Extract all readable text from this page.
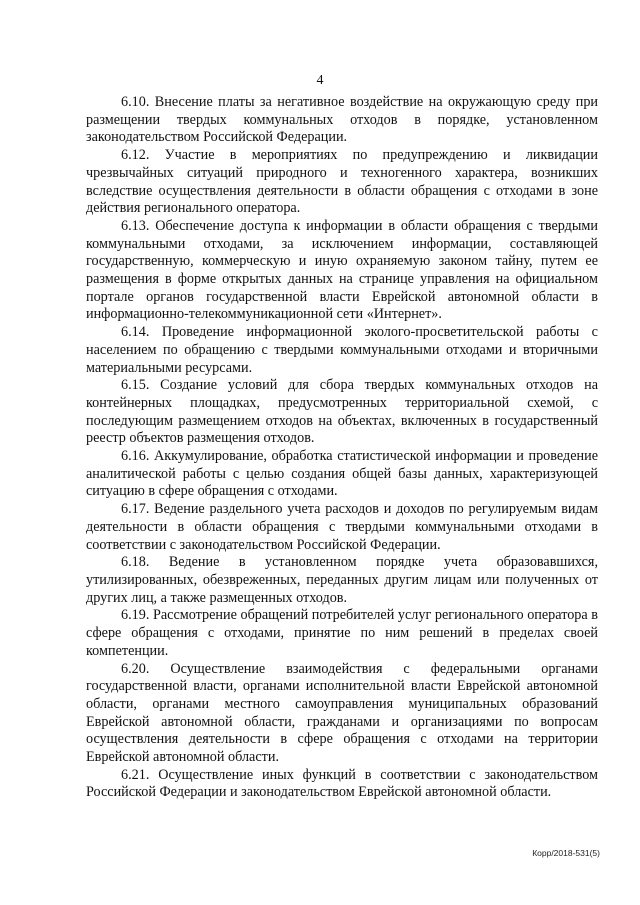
4

6.10. Внесение платы за негативное воздействие на окружающую среду при размещении твердых коммунальных отходов в порядке, установленном законодательством Российской Федерации.

6.12. Участие в мероприятиях по предупреждению и ликвидации чрезвычайных ситуаций природного и техногенного характера, возникших вследствие осуществления деятельности в области обращения с отходами в зоне действия регионального оператора.

6.13. Обеспечение доступа к информации в области обращения с твердыми коммунальными отходами, за исключением информации, составляющей государственную, коммерческую и иную охраняемую законом тайну, путем ее размещения в форме открытых данных на странице управления на официальном портале органов государственной власти Еврейской автономной области в информационно-телекоммуникационной сети «Интернет».

6.14. Проведение информационной эколого-просветительской работы с населением по обращению с твердыми коммунальными отходами и вторичными материальными ресурсами.

6.15. Создание условий для сбора твердых коммунальных отходов на контейнерных площадках, предусмотренных территориальной схемой, с последующим размещением отходов на объектах, включенных в государственный реестр объектов размещения отходов.

6.16. Аккумулирование, обработка статистической информации и проведение аналитической работы с целью создания общей базы данных, характеризующей ситуацию в сфере обращения с отходами.

6.17. Ведение раздельного учета расходов и доходов по регулируемым видам деятельности в области обращения с твердыми коммунальными отходами в соответствии с законодательством Российской Федерации.

6.18. Ведение в установленном порядке учета образовавшихся, утилизированных, обезвреженных, переданных другим лицам или полученных от других лиц, а также размещенных отходов.

6.19. Рассмотрение обращений потребителей услуг регионального оператора в сфере обращения с отходами, принятие по ним решений в пределах своей компетенции.

6.20. Осуществление взаимодействия с федеральными органами государственной власти, органами исполнительной власти Еврейской автономной области, органами местного самоуправления муниципальных образований Еврейской автономной области, гражданами и организациями по вопросам осуществления деятельности в сфере обращения с отходами на территории Еврейской автономной области.

6.21. Осуществление иных функций в соответствии с законодательством Российской Федерации и законодательством Еврейской автономной области.

Корр/2018-531(5)
